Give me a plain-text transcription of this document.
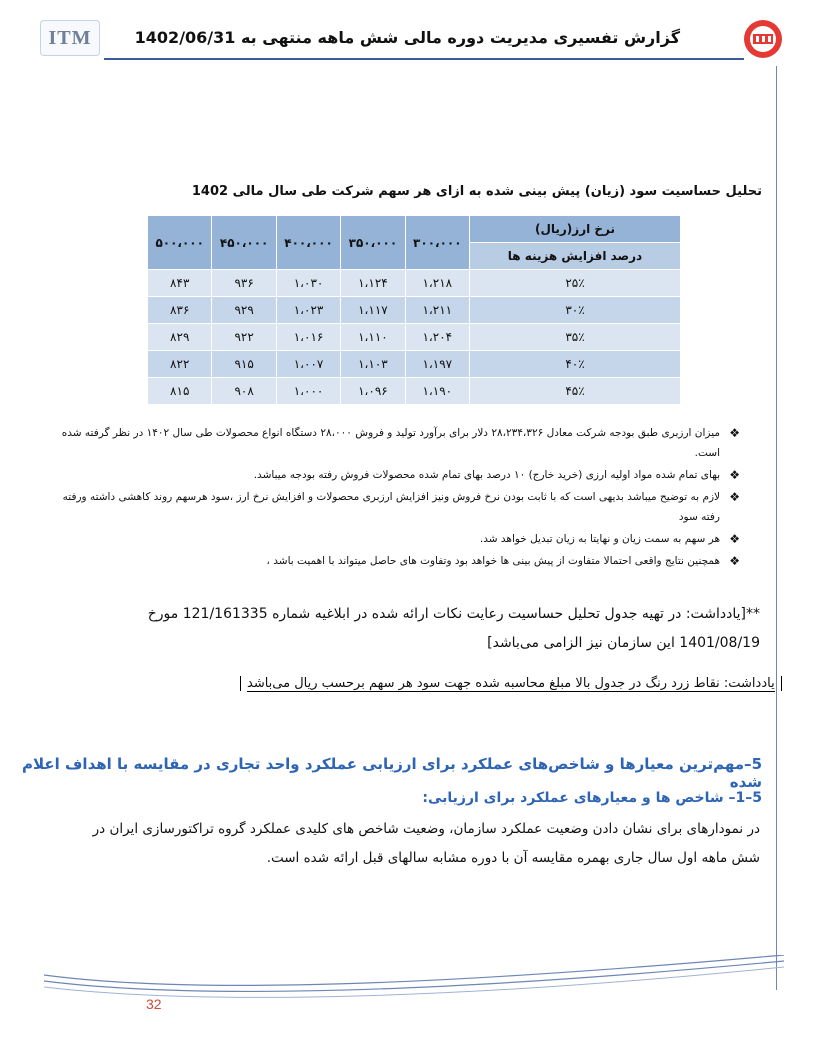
ITM	گزارش تفسیری مدیریت دوره مالی شش ماهه منتهی به 1402/06/31
تحلیل حساسیت سود (زیان) پیش بینی شده به ازای هر سهم شرکت طی سال مالی 1402
نرخ ارز(ریال)	۳۰۰،۰۰۰	۳۵۰،۰۰۰	۴۰۰،۰۰۰	۴۵۰،۰۰۰	۵۰۰،۰۰۰
درصد افزایش هزینه ها					
۲۵٪	۱،۲۱۸	۱،۱۲۴	۱،۰۳۰	۹۳۶	۸۴۳
۳۰٪	۱،۲۱۱	۱،۱۱۷	۱،۰۲۳	۹۲۹	۸۳۶
۳۵٪	۱،۲۰۴	۱،۱۱۰	۱،۰۱۶	۹۲۲	۸۲۹
۴۰٪	۱،۱۹۷	۱،۱۰۳	۱،۰۰۷	۹۱۵	۸۲۲
۴۵٪	۱،۱۹۰	۱،۰۹۶	۱،۰۰۰	۹۰۸	۸۱۵
❖
میزان ارزبری طبق بودجه شرکت معادل ۲۸،۲۳۴،۳۲۶ دلار برای برآورد تولید و فروش ۲۸،۰۰۰ دستگاه انواع محصولات طی سال ۱۴۰۲ در نظر گرفته شده است.
❖
بهای تمام شده مواد اولیه ارزی (خرید خارج) ۱۰ درصد بهای تمام شده محصولات فروش رفته بودجه میباشد.
❖
لازم به توضیح میباشد بدیهی است که با ثابت بودن نرخ فروش ونیز افزایش ارزبری محصولات و افزایش نرخ ارز ،سود هرسهم روند کاهشی داشته ورفته رفته سود
❖
هر سهم به سمت زیان و نهایتا به زیان تبدیل خواهد شد.
❖
همچنین نتایج واقعی احتمالا متفاوت از پیش بینی ها خواهد بود وتفاوت های حاصل میتواند با اهمیت باشد ،
**[یادداشت: در تهیه جدول تحلیل حساسیت رعایت نکات ارائه شده در ابلاغیه شماره 121/161335 مورخ 1401/08/19 این سازمان نیز الزامی می‌باشد]
یادداشت: نقاط زرد رنگ در جدول بالا مبلغ محاسبه شده جهت سود هر سهم برحسب ریال می‌باشد
5–مهم‌ترین معیارها و شاخص‌های عملکرد برای ارزیابی عملکرد واحد تجاری در مقایسه با اهداف اعلام شده
5–1– شاخص ها و معیارهای عملکرد برای ارزیابی:
در نمودارهای برای نشان دادن وضعیت عملکرد سازمان، وضعیت شاخص های کلیدی عملکرد گروه تراکتورسازی ایران در شش ماهه اول سال جاری بهمره مقایسه آن با دوره مشابه سالهای قبل ارائه شده است.
32
